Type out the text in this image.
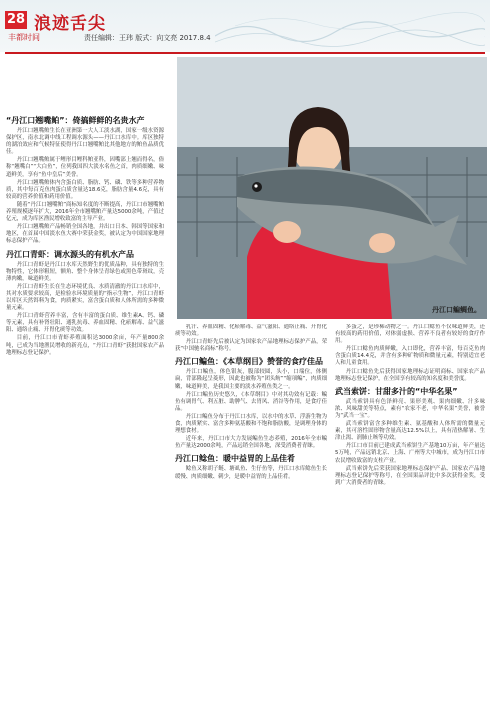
28 浪迹舌尖
丰都时间	责任编辑：王玮 版式：向文亮 2017.8.4
丹江口鳊鲷鱼。
“丹江口翘嘴鲌”：倚搞鲜鲜的名贵水产

丹江口翘嘴鲌生长在亚洲第一大人工淡水湖，国家一级水资源保护区，南水北调中线工程调水源头——丹江口水库中。库区独特的湖泊效应和气候特征使得丹江口翘嘴鲌比其他地方的鲌鱼品质优佳。

丹江口翘嘴鲌属于鲤形目鲤科鲌亚科，因嘴部上翘而得名，俗称“翘嘴白”“大白鱼”，位列我国四大淡水名鱼之首，肉质细嫩、味道鲜美，享有“鱼中皇后”美誉。

丹江口翘嘴鲌体内含蛋白质、脂肪、钙、磷、铁等多种营养物质，其中每百克鱼肉蛋白质含量达18.6克，脂肪含量4.6克，具有较高的营养价值和药用价值。

随着“丹江口翘嘴鲌”商标知名度的不断提高，丹江口市翘嘴鲌养殖规模逐年扩大，2016年全市翘嘴鲌产量达5000余吨，产值过亿元，成为库区渔民增收致富的主导产业。

丹江口翘嘴鲌产品畅销全国各地，并出口日本、韩国等国家和地区，在首届中国淡水鱼大赛中荣获金奖，被认定为中国国家地理标志保护产品。

丹江口青虾：调水源头的有机水产品

丹江口青虾是丹江口水库天然野生的优质品种，具有独特的生物特性，它体形粗短，额角、整个身体呈青绿色或黑色带斑纹，壳薄肉嫩，味道鲜美。

丹江口青虾生长在生态环境优良、水质清澈的丹江口水库中，其对水质要求较高，是检验水环境质量的“指示生物”，丹江口青虾以库区天然饵料为食，肉质紧实，富含蛋白质和人体所需的多种微量元素。

丹江口青虾营养丰富，含有丰富的蛋白质、维生素A、钙、磷等元素，具有补肾壮阳、通乳抗毒、养血固精、化瘀解毒、益气滋阳、通络止痛、开胃化痰等功效。

目前，丹江口市青虾养殖面积达3000余亩，年产量800余吨，已成为当地渔民增收的新亮点，“丹江口青虾”获批国家农产品地理标志登记保护。

乳汁、养血固精、化瘀解毒、益气滋阳、通络止痛、开胃化痰等功效。

丹江口青虾先后被认定为国家农产品地理标志保护产品，荣获“中国驰名商标”称号。

丹江口鳊鱼：《本草纲目》赞誉的食疗佳品

丹江口鳊鱼，体色银灰，腹部较圆，头小，口端位，体侧扁，背部隆起呈菱形，因此也被称为“团头鲂”“缩项鳊”，肉质细嫩，味道鲜美，是我国主要的淡水养殖鱼类之一。

丹江口鳊鱼历史悠久，《本草纲目》中对其功效有记载：鳊鱼有调胃气、利五脏、助脾气、去胃风、消谷等作用，是食疗佳品。

丹江口鳊鱼分布于丹江口水库，以水中的水草、浮游生物为食，肉质紧实、富含多种氨基酸和不饱和脂肪酸，是调理身体的理想食材。

近年来，丹江口市大力发展鳊鱼生态养殖，2016年全市鳊鱼产量达2000余吨，产品远销全国各地，深受消费者青睐。

丹江口鲶鱼：暖中益胃的上品佳肴

鲶鱼又称胡子鲢、塘虱鱼、生仔鱼等，丹江口水库鲶鱼生长缓慢、肉质细嫩、刺少，是暖中益胃的上品佳肴。

多蛋之，是珍稀动物之一。丹江口鲶鱼不仅味道鲜美，还有较高的药用价值，对体弱虚损、营养不良者有较好的食疗作用。

丹江口鲶鱼肉质鲜嫩，入口即化，营养丰富，每百克鱼肉含蛋白质14.4克，并含有多种矿物质和微量元素，特别适宜老人和儿童食用。

丹江口鲶鱼先后获得国家地理标志证明商标、国家农产品地理标志登记保护，在全国享有较高的知名度和美誉度。

武当索饼：甘甜多汁的“中华名果”

武当索饼具有色泽鲜亮、果形美观、果肉细嫩、汁多味浓、风味甜美等特点，素有“农家不老，中华名果”美誉，被誉为“武当一宝”。

武当索饼富含多种维生素、氨基酸和人体所需的微量元素，其可溶性固形物含量高达12.5%以上，具有清热解暑、生津止渴、润肺止咳等功效。

丹江口市目前已建成武当索饼生产基地10万亩，年产量达5万吨，产品远销北京、上海、广州等大中城市，成为丹江口市农民增收致富的支柱产业。

武当索饼先后荣获国家地理标志保护产品、国家农产品地理标志登记保护等称号，在全国果品评比中多次获得金奖，受到广大消费者的青睐。
